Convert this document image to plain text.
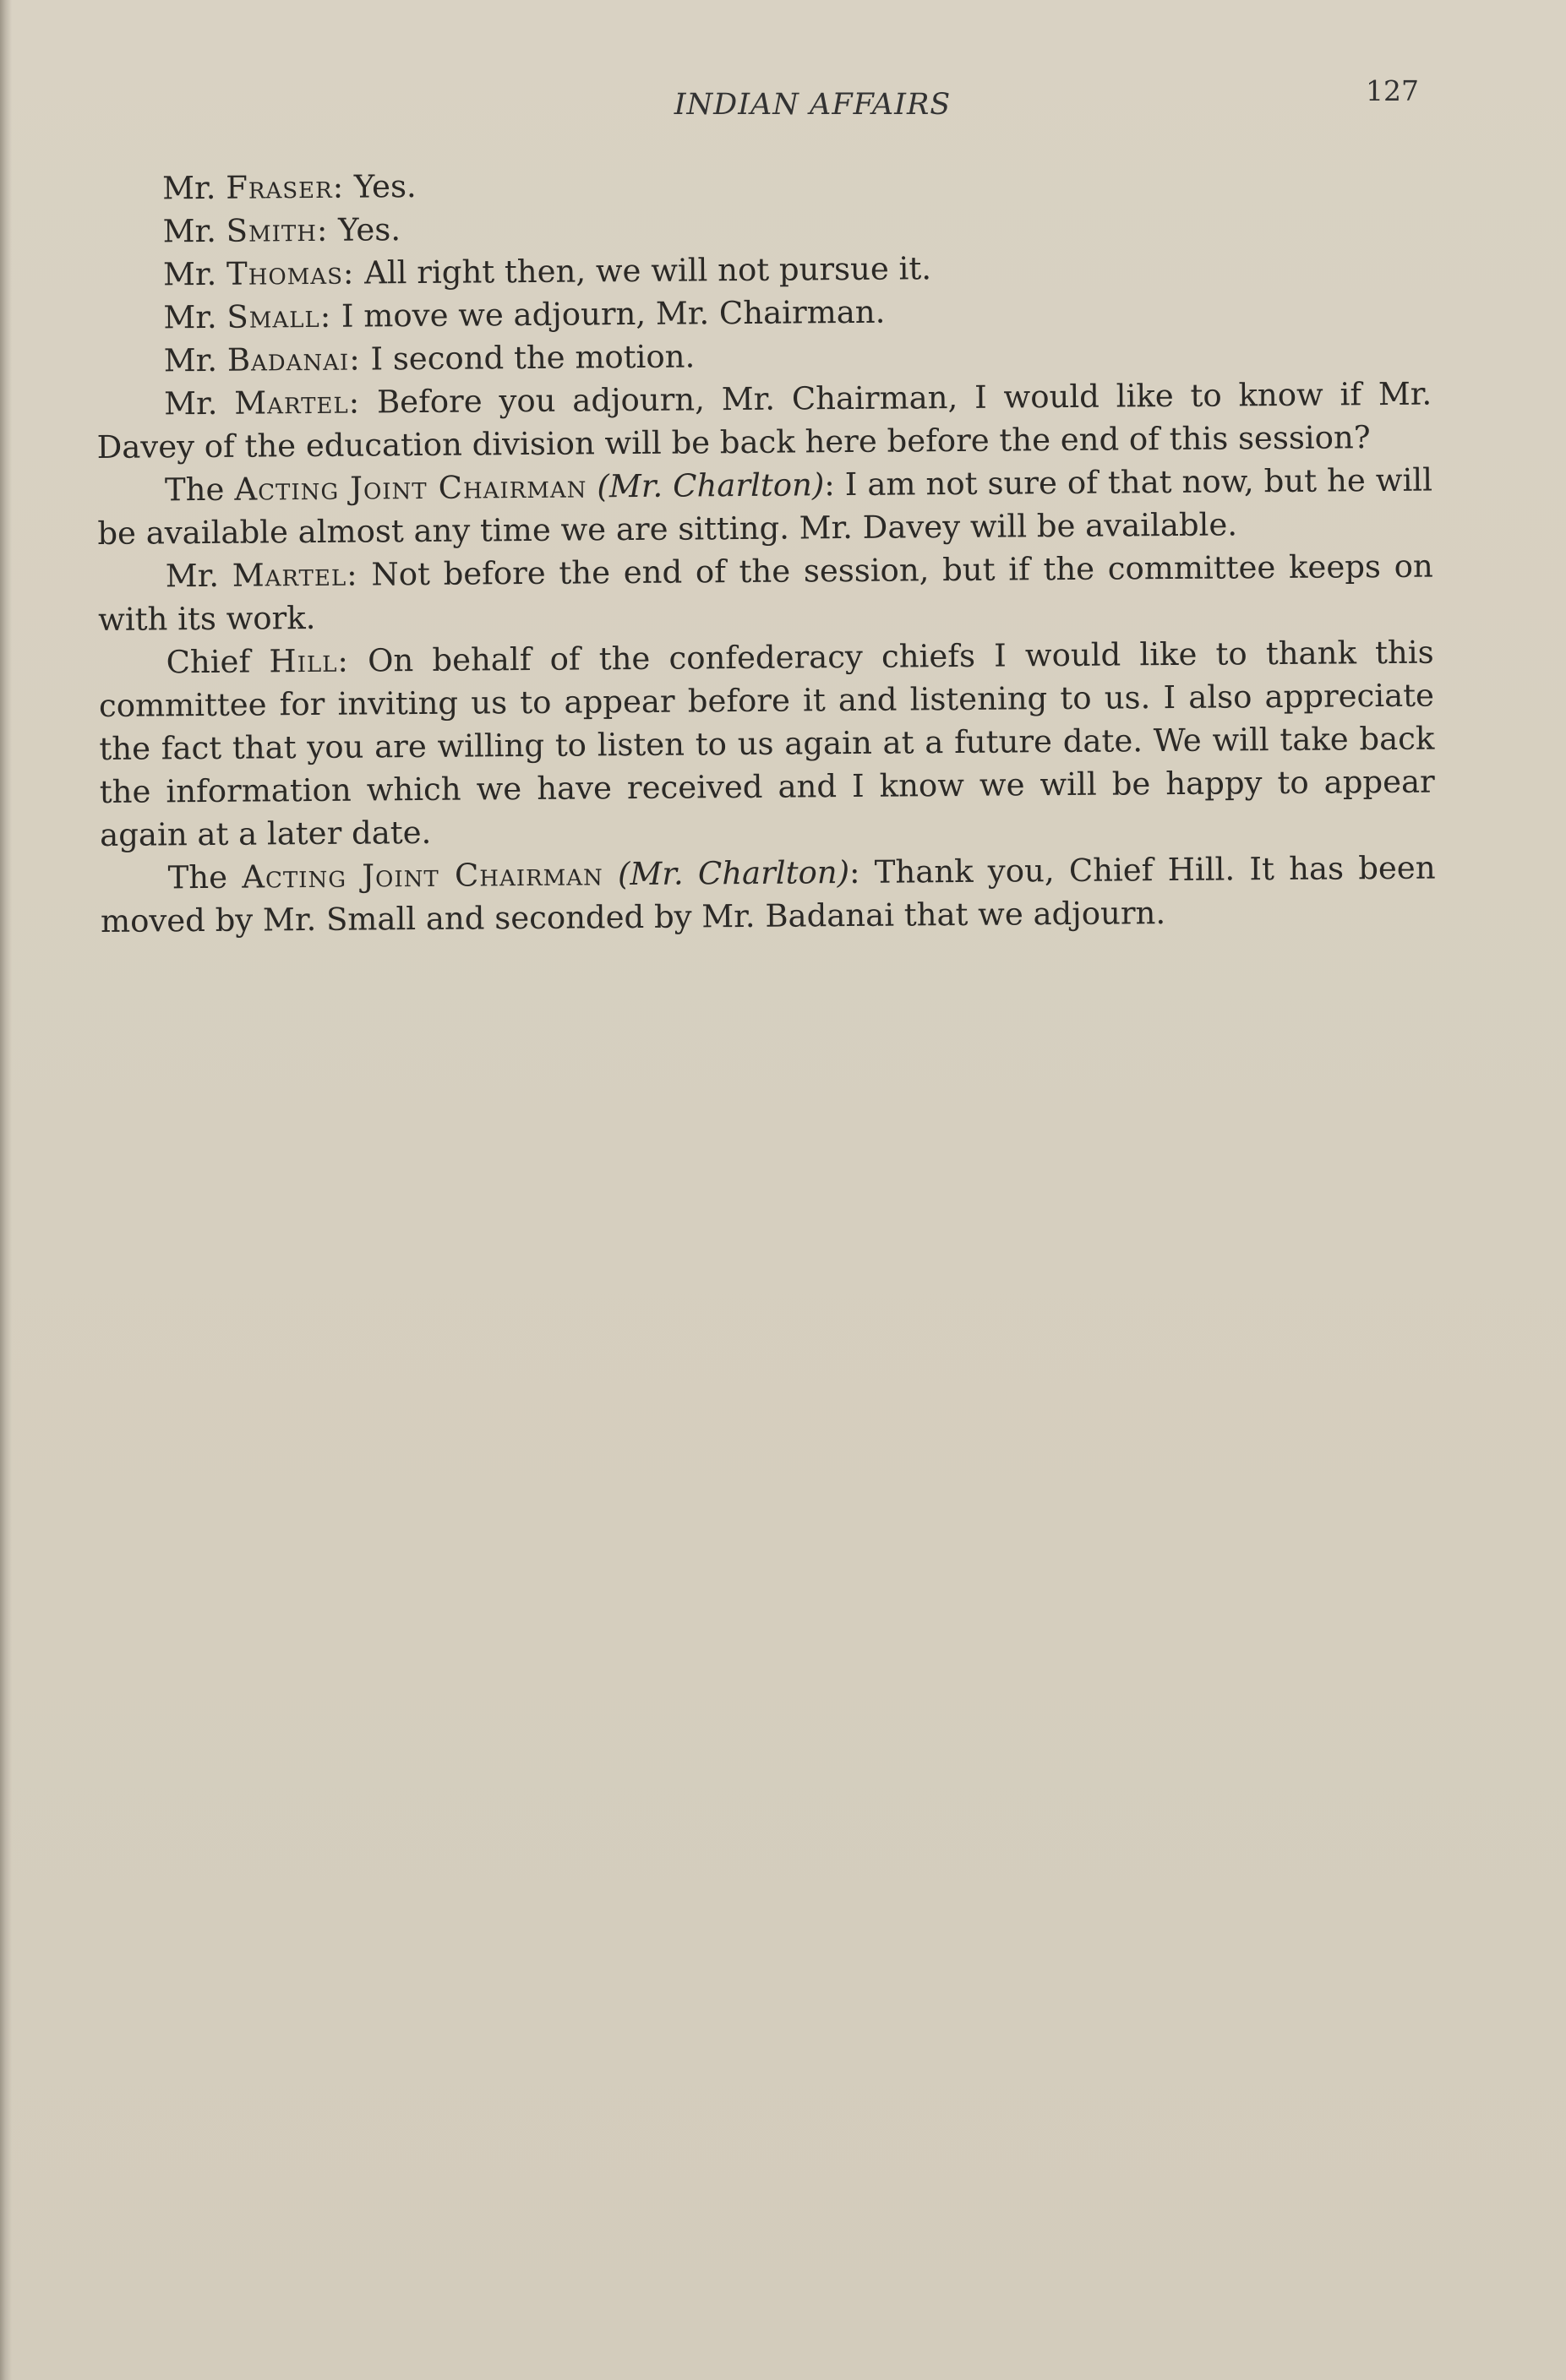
INDIAN AFFAIRS	127

Mr. Fraser: Yes.

Mr. Smith: Yes.

Mr. Thomas: All right then, we will not pursue it.

Mr. Small: I move we adjourn, Mr. Chairman.

Mr. Badanai: I second the motion.

Mr. Martel: Before you adjourn, Mr. Chairman, I would like to know if Mr. Davey of the education division will be back here before the end of this session?

The Acting Joint Chairman (Mr. Charlton): I am not sure of that now, but he will be available almost any time we are sitting. Mr. Davey will be available.

Mr. Martel: Not before the end of the session, but if the committee keeps on with its work.

Chief Hill: On behalf of the confederacy chiefs I would like to thank this committee for inviting us to appear before it and listening to us. I also appreciate the fact that you are willing to listen to us again at a future date. We will take back the information which we have received and I know we will be happy to appear again at a later date.

The Acting Joint Chairman (Mr. Charlton): Thank you, Chief Hill. It has been moved by Mr. Small and seconded by Mr. Badanai that we adjourn.
